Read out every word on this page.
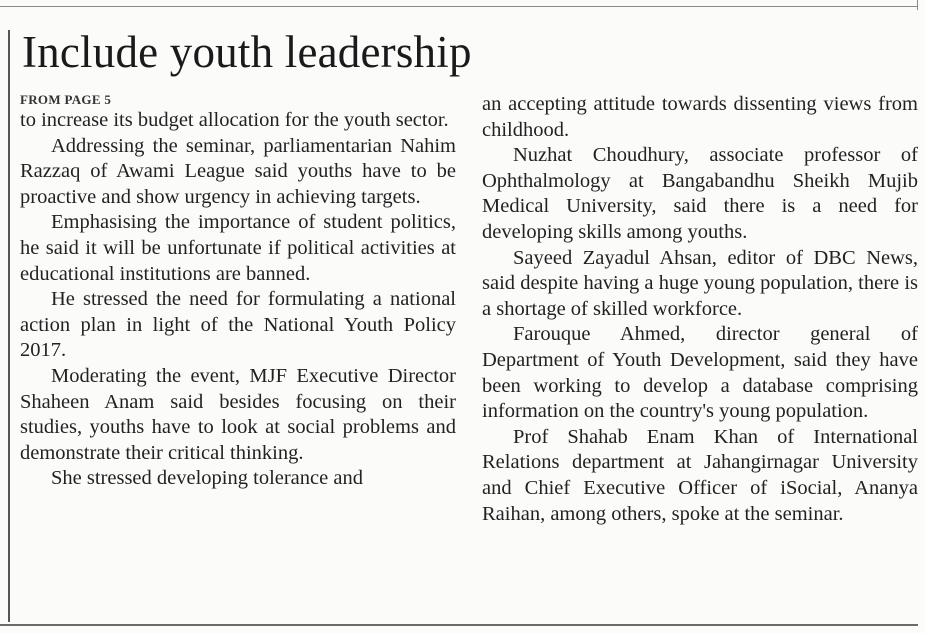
Include youth leadership

FROM PAGE 5

to increase its budget allocation for the youth sector.

Addressing the seminar, parliamentarian Nahim Razzaq of Awami League said youths have to be proactive and show urgency in achieving targets.

Emphasising the importance of student politics, he said it will be unfortunate if political activities at educational institutions are banned.

He stressed the need for formulating a national action plan in light of the National Youth Policy 2017.

Moderating the event, MJF Executive Director Shaheen Anam said besides focusing on their studies, youths have to look at social problems and demonstrate their critical thinking.

She stressed developing tolerance and

an accepting attitude towards dissenting views from childhood.

Nuzhat Choudhury, associate professor of Ophthalmology at Bangabandhu Sheikh Mujib Medical University, said there is a need for developing skills among youths.

Sayeed Zayadul Ahsan, editor of DBC News, said despite having a huge young population, there is a shortage of skilled workforce.

Farouque Ahmed, director general of Department of Youth Development, said they have been working to develop a database comprising information on the country's young population.

Prof Shahab Enam Khan of International Relations department at Jahangirnagar University and Chief Executive Officer of iSocial, Ananya Raihan, among others, spoke at the seminar.
